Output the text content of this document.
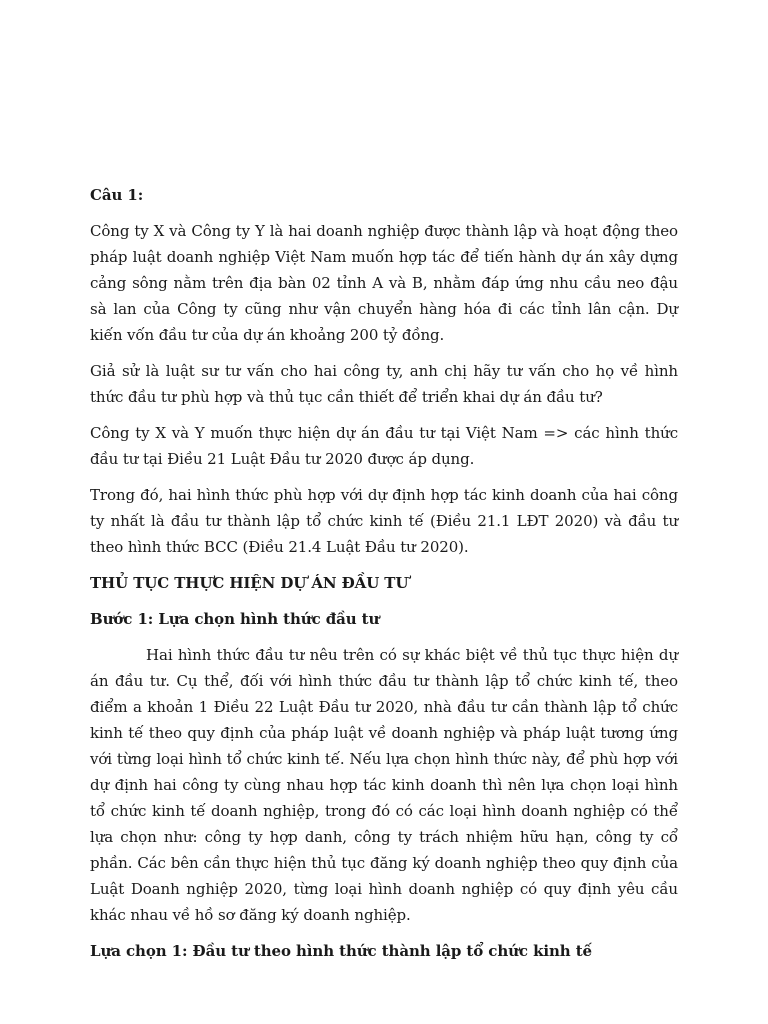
Câu 1:

Công ty X và Công ty Y là hai doanh nghiệp được thành lập và hoạt động theo pháp luật doanh nghiệp Việt Nam muốn hợp tác để tiến hành dự án xây dựng cảng sông nằm trên địa bàn 02 tỉnh A và B, nhằm đáp ứng nhu cầu neo đậu sà lan của Công ty cũng như vận chuyển hàng hóa đi các tỉnh lân cận. Dự kiến vốn đầu tư của dự án khoảng 200 tỷ đồng.

Giả sử là luật sư tư vấn cho hai công ty, anh chị hãy tư vấn cho họ về hình thức đầu tư phù hợp và thủ tục cần thiết để triển khai dự án đầu tư?

Công ty X và Y muốn thực hiện dự án đầu tư tại Việt Nam => các hình thức đầu tư tại Điều 21 Luật Đầu tư 2020 được áp dụng.

Trong đó, hai hình thức phù hợp với dự định hợp tác kinh doanh của hai công ty nhất là đầu tư thành lập tổ chức kinh tế (Điều 21.1 LĐT 2020) và đầu tư theo hình thức BCC (Điều 21.4 Luật Đầu tư 2020).

THỦ TỤC THỰC HIỆN DỰ ÁN ĐẦU TƯ
Bước 1: Lựa chọn hình thức đầu tư

Hai hình thức đầu tư nêu trên có sự khác biệt về thủ tục thực hiện dự án đầu tư. Cụ thể, đối với hình thức đầu tư thành lập tổ chức kinh tế, theo điểm a khoản 1 Điều 22 Luật Đầu tư 2020, nhà đầu tư cần thành lập tổ chức kinh tế theo quy định của pháp luật về doanh nghiệp và pháp luật tương ứng với từng loại hình tổ chức kinh tế. Nếu lựa chọn hình thức này, để phù hợp với dự định hai công ty cùng nhau hợp tác kinh doanh thì nên lựa chọn loại hình tổ chức kinh tế doanh nghiệp, trong đó có các loại hình doanh nghiệp có thể lựa chọn như: công ty hợp danh, công ty trách nhiệm hữu hạn, công ty cổ phần. Các bên cần thực hiện thủ tục đăng ký doanh nghiệp theo quy định của Luật Doanh nghiệp 2020, từng loại hình doanh nghiệp có quy định yêu cầu khác nhau về hồ sơ đăng ký doanh nghiệp.

Lựa chọn 1: Đầu tư theo hình thức thành lập tổ chức kinh tế
